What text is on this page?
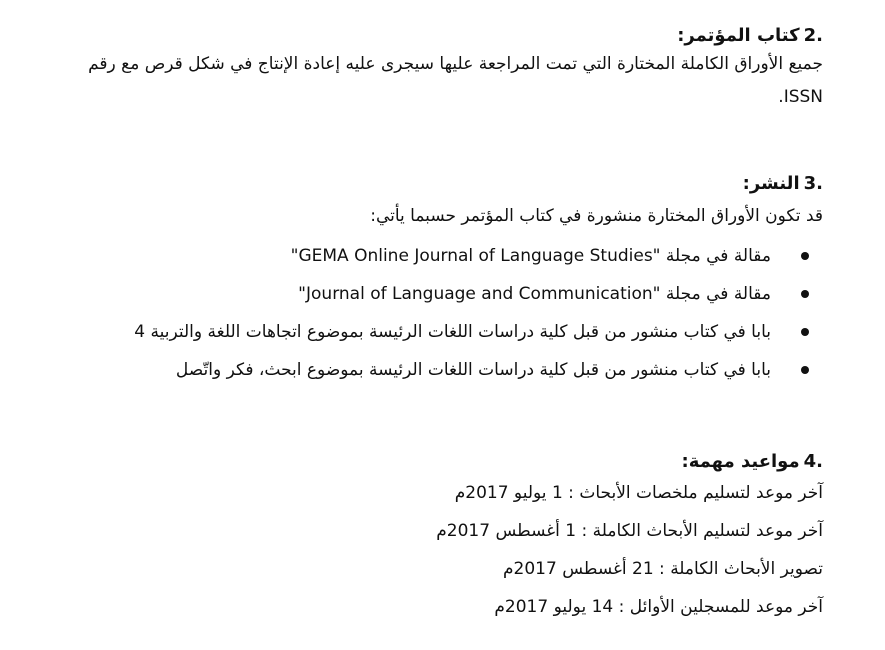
2.
كتاب المؤتمر:

جميع الأوراق الكاملة المختارة التي تمت المراجعة عليها سيجرى عليه إعادة الإنتاج في شكل قرص مع رقم ISSN.

3.
النشر:

قد تكون الأوراق المختارة منشورة في كتاب المؤتمر حسبما يأتي:

مقالة في مجلة "GEMA Online Journal of Language Studies"
مقالة في مجلة "Journal of Language and Communication"
بابا في كتاب منشور من قبل كلية دراسات اللغات الرئيسة بموضوع اتجاهات اللغة والتربية 4
بابا في كتاب منشور من قبل كلية دراسات اللغات الرئيسة بموضوع ابحث، فكر واتّصل
4.
مواعيد مهمة:

آخر موعد لتسليم ملخصات الأبحاث : 1 يوليو 2017م

آخر موعد لتسليم الأبحاث الكاملة : 1 أغسطس 2017م

تصوير الأبحاث الكاملة : 21 أغسطس 2017م

آخر موعد للمسجلين الأوائل : 14 يوليو 2017م
